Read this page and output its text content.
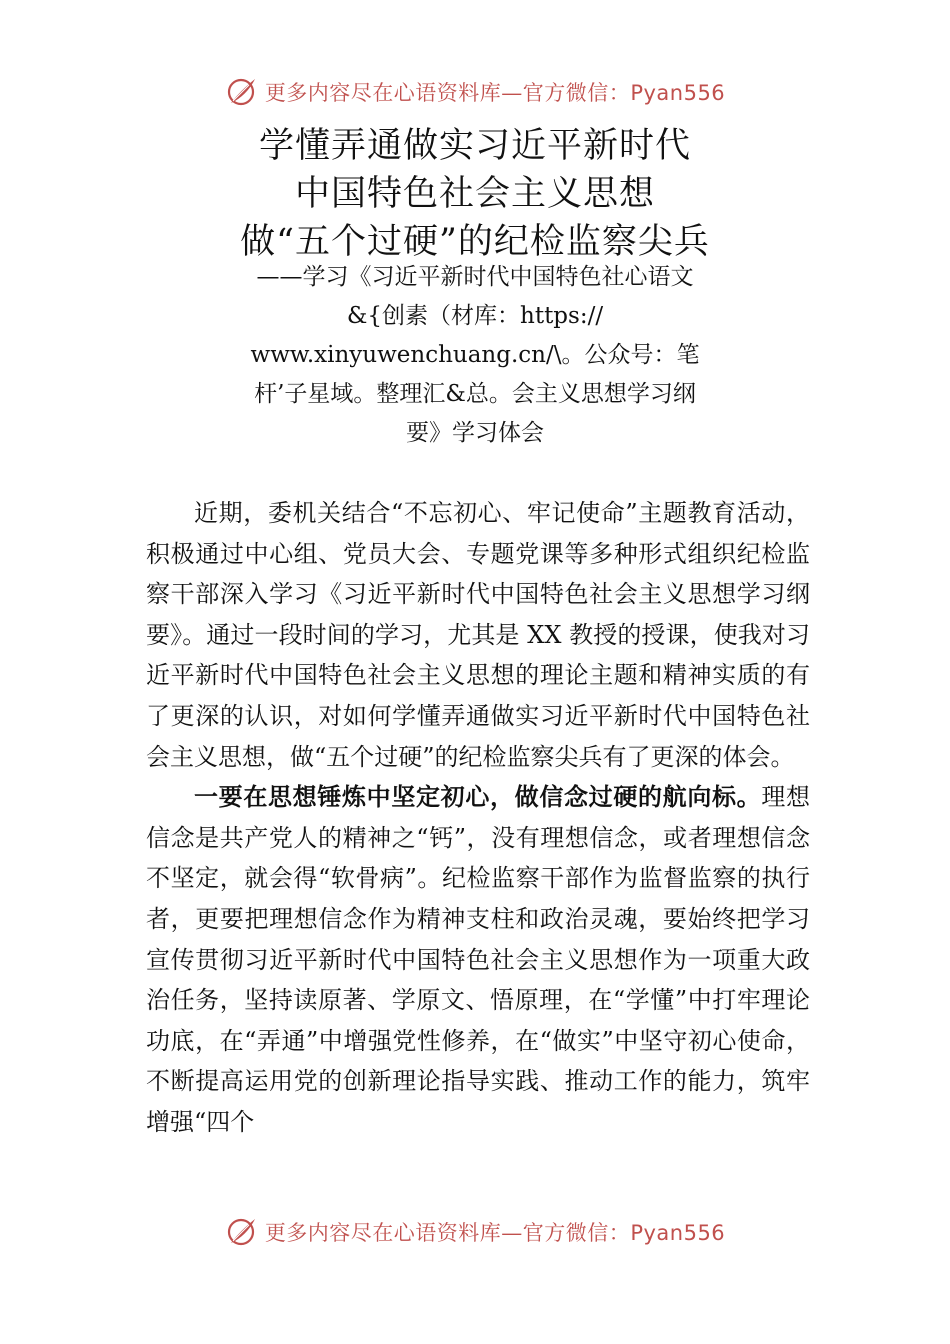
更多内容尽在心语资料库—官方微信：Pyan556

学懂弄通做实习近平新时代

中国特色社会主义思想

做“五个过硬”的纪检监察尖兵

——学习《习近平新时代中国特色社心语文

&{创素（材库：https://

www.xinyuwenchuang.cn/\。公众号：笔

杆’子星域。整理汇&总。会主义思想学习纲

要》学习体会

近期，委机关结合“不忘初心、牢记使命”主题教育活动，积极通过中心组、党员大会、专题党课等多种形式组织纪检监察干部深入学习《习近平新时代中国特色社会主义思想学习纲要》。通过一段时间的学习，尤其是 XX 教授的授课，使我对习近平新时代中国特色社会主义思想的理论主题和精神实质的有了更深的认识，对如何学懂弄通做实习近平新时代中国特色社会主义思想，做“五个过硬”的纪检监察尖兵有了更深的体会。

一要在思想锤炼中坚定初心，做信念过硬的航向标。理想信念是共产党人的精神之“钙”，没有理想信念，或者理想信念不坚定，就会得“软骨病”。纪检监察干部作为监督监察的执行者，更要把理想信念作为精神支柱和政治灵魂，要始终把学习宣传贯彻习近平新时代中国特色社会主义思想作为一项重大政治任务，坚持读原著、学原文、悟原理，在“学懂”中打牢理论功底，在“弄通”中增强党性修养，在“做实”中坚守初心使命，不断提高运用党的创新理论指导实践、推动工作的能力，筑牢增强“四个

更多内容尽在心语资料库—官方微信：Pyan556
